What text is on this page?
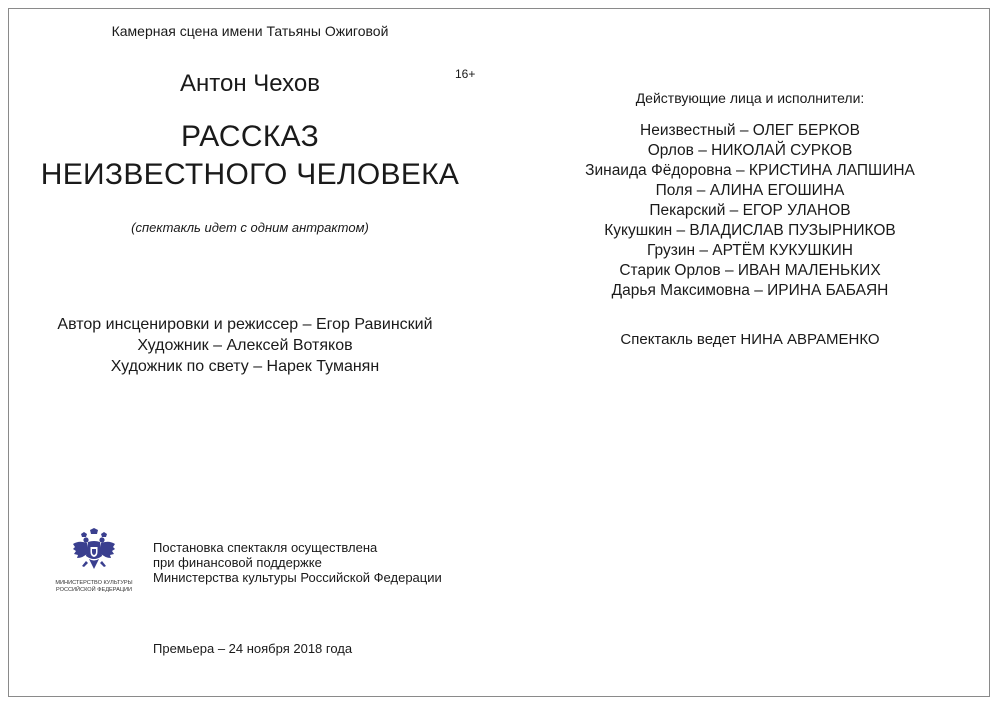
Камерная сцена имени Татьяны Ожиговой
Антон Чехов	16+
РАССКАЗ
НЕИЗВЕСТНОГО ЧЕЛОВЕКА
(спектакль идет с одним антрактом)
Автор инсценировки и режиссер – Егор Равинский
Художник – Алексей Вотяков
Художник по свету – Нарек Туманян
Действующие лица и исполнители:
Неизвестный – ОЛЕГ БЕРКОВ
Орлов – НИКОЛАЙ СУРКОВ
Зинаида Фёдоровна – КРИСТИНА ЛАПШИНА
Поля – АЛИНА ЕГОШИНА
Пекарский – ЕГОР УЛАНОВ
Кукушкин – ВЛАДИСЛАВ ПУЗЫРНИКОВ
Грузин – АРТЁМ КУКУШКИН
Старик Орлов – ИВАН МАЛЕНЬКИХ
Дарья Максимовна – ИРИНА БАБАЯН
Спектакль ведет НИНА АВРАМЕНКО
МИНИСТЕРСТВО КУЛЬТУРЫ
РОССИЙСКОЙ ФЕДЕРАЦИИ
Постановка спектакля осуществлена
при финансовой поддержке
Министерства культуры Российской Федерации
Премьера – 24 ноября 2018 года
